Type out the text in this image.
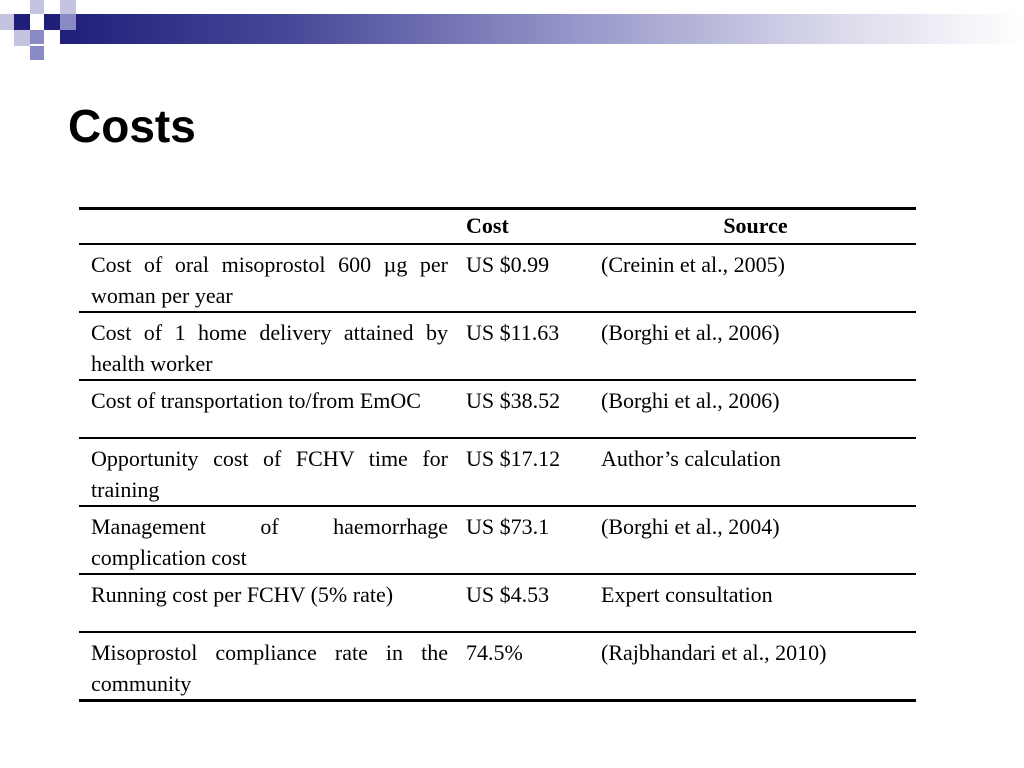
Costs
	Cost	Source
Cost of oral misoprostol 600 µg per woman per year	US $0.99	(Creinin et al., 2005)
Cost of 1 home delivery attained by health worker	US $11.63	(Borghi et al., 2006)
Cost of transportation to/from EmOC	US $38.52	(Borghi et al., 2006)
Opportunity cost of FCHV time for training	US $17.12	Author’s calculation
Management of haemorrhage complication cost	US $73.1	(Borghi et al., 2004)
Running cost per FCHV (5% rate)	US $4.53	Expert consultation
Misoprostol compliance rate in the community	74.5%	(Rajbhandari et al., 2010)
